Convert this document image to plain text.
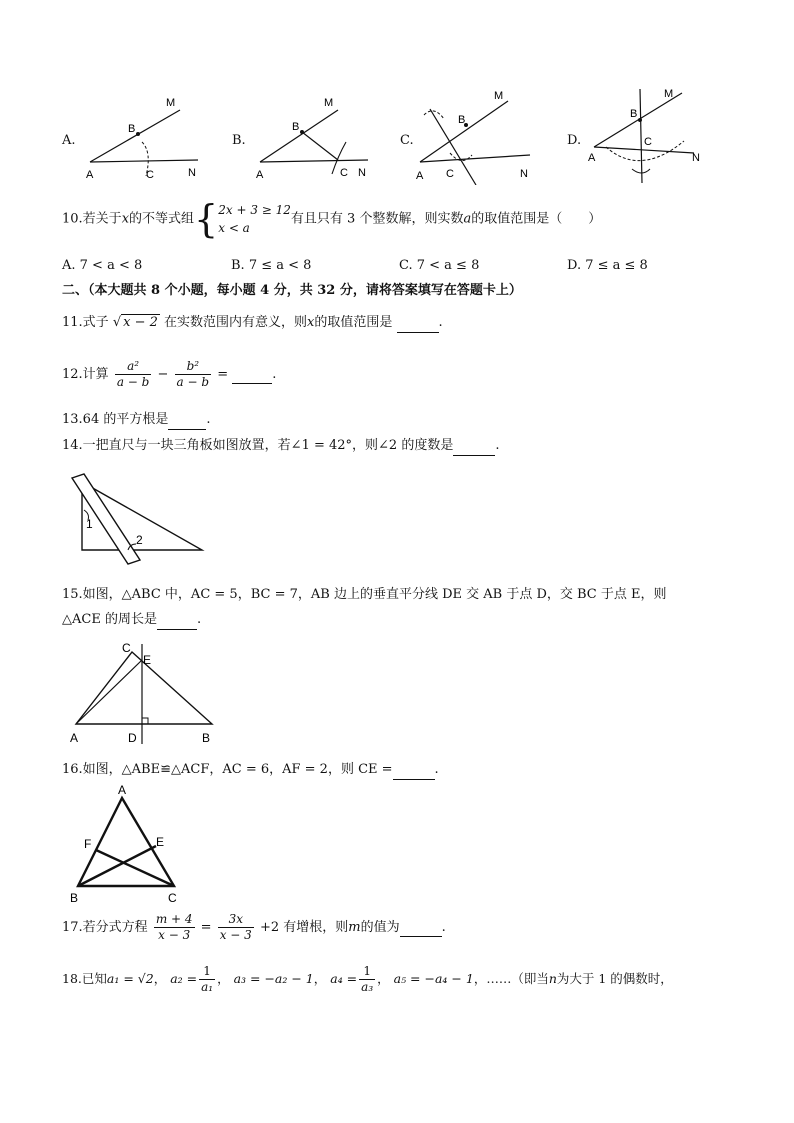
A.
A
B
M
C	N
B.
A
B
M
C N
C.
A
B
M
C	N
D.
A
B
M
C
N
10.若关于x的不等式组{ 2x + 3 ≥ 12
x < a
有且只有 3 个整数解，则实数a的取值范围是（　　）
A. 7 < a < 8	B. 7 ≤ a < 8	C. 7 < a ≤ 8	D. 7 ≤ a ≤ 8
二、（本大题共 8 个小题，每小题 4 分，共 32 分，请将答案填写在答题卡上）
11.式子 √ x − 2 在实数范围内有意义，则x的取值范围是	.
12.计算 $\frac{\text{a²}}{a - b} - \frac{\text{b²}}{a - b}$ =	.
13.64 的平方根是	.
14.一把直尺与一块三角板如图放置，若∠1 = 42°，则∠2 的度数是	.
1
2
15.如图，△ABC 中，AC = 5，BC = 7，AB 边上的垂直平分线 DE 交 AB 于点 D，交 BC 于点 E，则
△ACE 的周长是	.
C
E
A	D	B
16.如图，△ABE≌△ACF，AC = 6，AF = 2，则 CE =	.
A
F	E
B	C
17.若分式方程 $\frac{m + 4}{x - 3} = \frac{3x}{x - 3} +2$ 有增根，则m的值为	.
18.已知a₁ = √2， $a_2 = \frac{1}{\text{a₁}}$ ， a₃ = −a₂ − 1， $a_4 = \frac{1}{\text{a₃}}$ ， a₅ = −a₄ − 1，……（即当n为大于 1 的偶数时，
